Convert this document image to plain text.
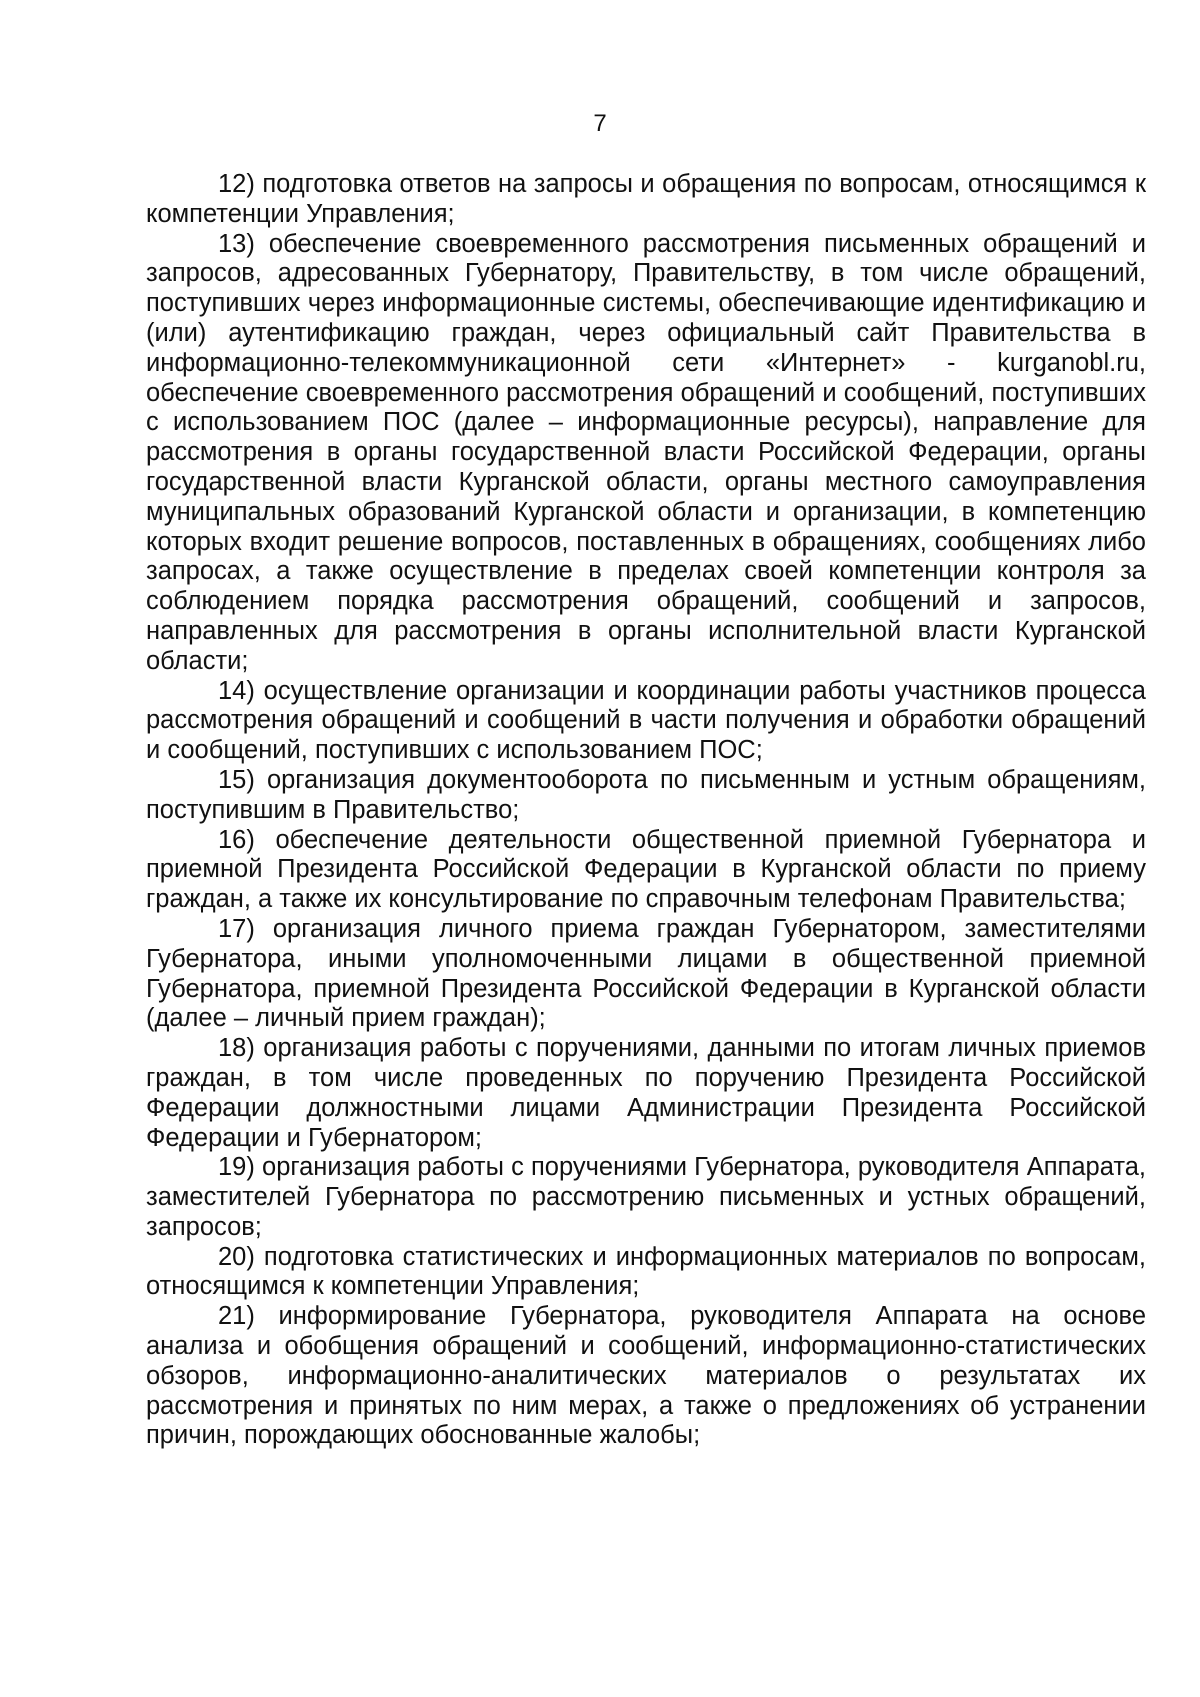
7

12) подготовка ответов на запросы и обращения по вопросам, относящимся к компетенции Управления;

13) обеспечение своевременного рассмотрения письменных обращений и запросов, адресованных Губернатору, Правительству, в том числе обращений, поступивших через информационные системы, обеспечивающие идентификацию и (или) аутентификацию граждан, через официальный сайт Правительства в информационно-телекоммуникационной сети «Интернет» - kurganobl.ru, обеспечение своевременного рассмотрения обращений и сообщений, поступивших с использованием ПОС (далее – информационные ресурсы), направление для рассмотрения в органы государственной власти Российской Федерации, органы государственной власти Курганской области, органы местного самоуправления муниципальных образований Курганской области и организации, в компетенцию которых входит решение вопросов, поставленных в обращениях, сообщениях либо запросах, а также осуществление в пределах своей компетенции контроля за соблюдением порядка рассмотрения обращений, сообщений и запросов, направленных для рассмотрения в органы исполнительной власти Курганской области;

14) осуществление организации и координации работы участников процесса рассмотрения обращений и сообщений в части получения и обработки обращений и сообщений, поступивших с использованием ПОС;

15) организация документооборота по письменным и устным обращениям, поступившим в Правительство;

16) обеспечение деятельности общественной приемной Губернатора и приемной Президента Российской Федерации в Курганской области по приему граждан, а также их консультирование по справочным телефонам Правительства;

17) организация личного приема граждан Губернатором, заместителями Губернатора, иными уполномоченными лицами в общественной приемной Губернатора, приемной Президента Российской Федерации в Курганской области (далее – личный прием граждан);

18) организация работы с поручениями, данными по итогам личных приемов граждан, в том числе проведенных по поручению Президента Российской Федерации должностными лицами Администрации Президента Российской Федерации и Губернатором;

19) организация работы с поручениями Губернатора, руководителя Аппарата, заместителей Губернатора по рассмотрению письменных и устных обращений, запросов;

20) подготовка статистических и информационных материалов по вопросам, относящимся к компетенции Управления;

21) информирование Губернатора, руководителя Аппарата на основе анализа и обобщения обращений и сообщений, информационно-статистических обзоров, информационно-аналитических материалов о результатах их рассмотрения и принятых по ним мерах, а также о предложениях об устранении причин, порождающих обоснованные жалобы;
